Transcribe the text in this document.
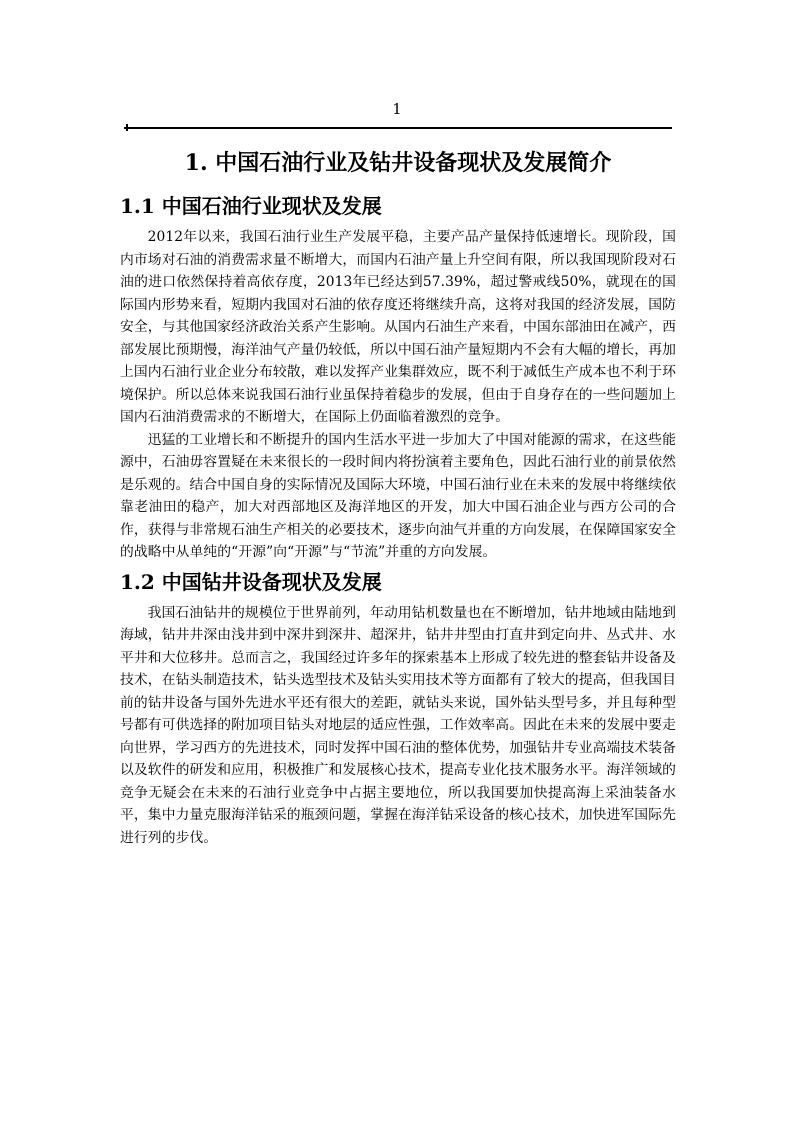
1
1. 中国石油行业及钻井设备现状及发展简介
1.1 中国石油行业现状及发展

2012年以来，我国石油行业生产发展平稳，主要产品产量保持低速增长。现阶段，国内市场对石油的消费需求量不断增大，而国内石油产量上升空间有限，所以我国现阶段对石油的进口依然保持着高依存度，2013年已经达到57.39%，超过警戒线50%，就现在的国际国内形势来看，短期内我国对石油的依存度还将继续升高，这将对我国的经济发展，国防安全，与其他国家经济政治关系产生影响。从国内石油生产来看，中国东部油田在减产，西部发展比预期慢，海洋油气产量仍较低，所以中国石油产量短期内不会有大幅的增长，再加上国内石油行业企业分布较散，难以发挥产业集群效应，既不利于减低生产成本也不利于环境保护。所以总体来说我国石油行业虽保持着稳步的发展，但由于自身存在的一些问题加上国内石油消费需求的不断增大，在国际上仍面临着激烈的竞争。

迅猛的工业增长和不断提升的国内生活水平进一步加大了中国对能源的需求，在这些能源中，石油毋容置疑在未来很长的一段时间内将扮演着主要角色，因此石油行业的前景依然是乐观的。结合中国自身的实际情况及国际大环境，中国石油行业在未来的发展中将继续依靠老油田的稳产，加大对西部地区及海洋地区的开发，加大中国石油企业与西方公司的合作，获得与非常规石油生产相关的必要技术，逐步向油气并重的方向发展，在保障国家安全的战略中从单纯的“开源”向“开源”与“节流”并重的方向发展。

1.2 中国钻井设备现状及发展

我国石油钻井的规模位于世界前列，年动用钻机数量也在不断增加，钻井地域由陆地到海域，钻井井深由浅井到中深井到深井、超深井，钻井井型由打直井到定向井、丛式井、水平井和大位移井。总而言之，我国经过许多年的探索基本上形成了较先进的整套钻井设备及技术，在钻头制造技术，钻头选型技术及钻头实用技术等方面都有了较大的提高，但我国目前的钻井设备与国外先进水平还有很大的差距，就钻头来说，国外钻头型号多，并且每种型号都有可供选择的附加项目钻头对地层的适应性强，工作效率高。因此在未来的发展中要走向世界，学习西方的先进技术，同时发挥中国石油的整体优势，加强钻井专业高端技术装备以及软件的研发和应用，积极推广和发展核心技术，提高专业化技术服务水平。海洋领域的竞争无疑会在未来的石油行业竞争中占据主要地位，所以我国要加快提高海上采油装备水平，集中力量克服海洋钻采的瓶颈问题，掌握在海洋钻采设备的核心技术，加快进军国际先进行列的步伐。
